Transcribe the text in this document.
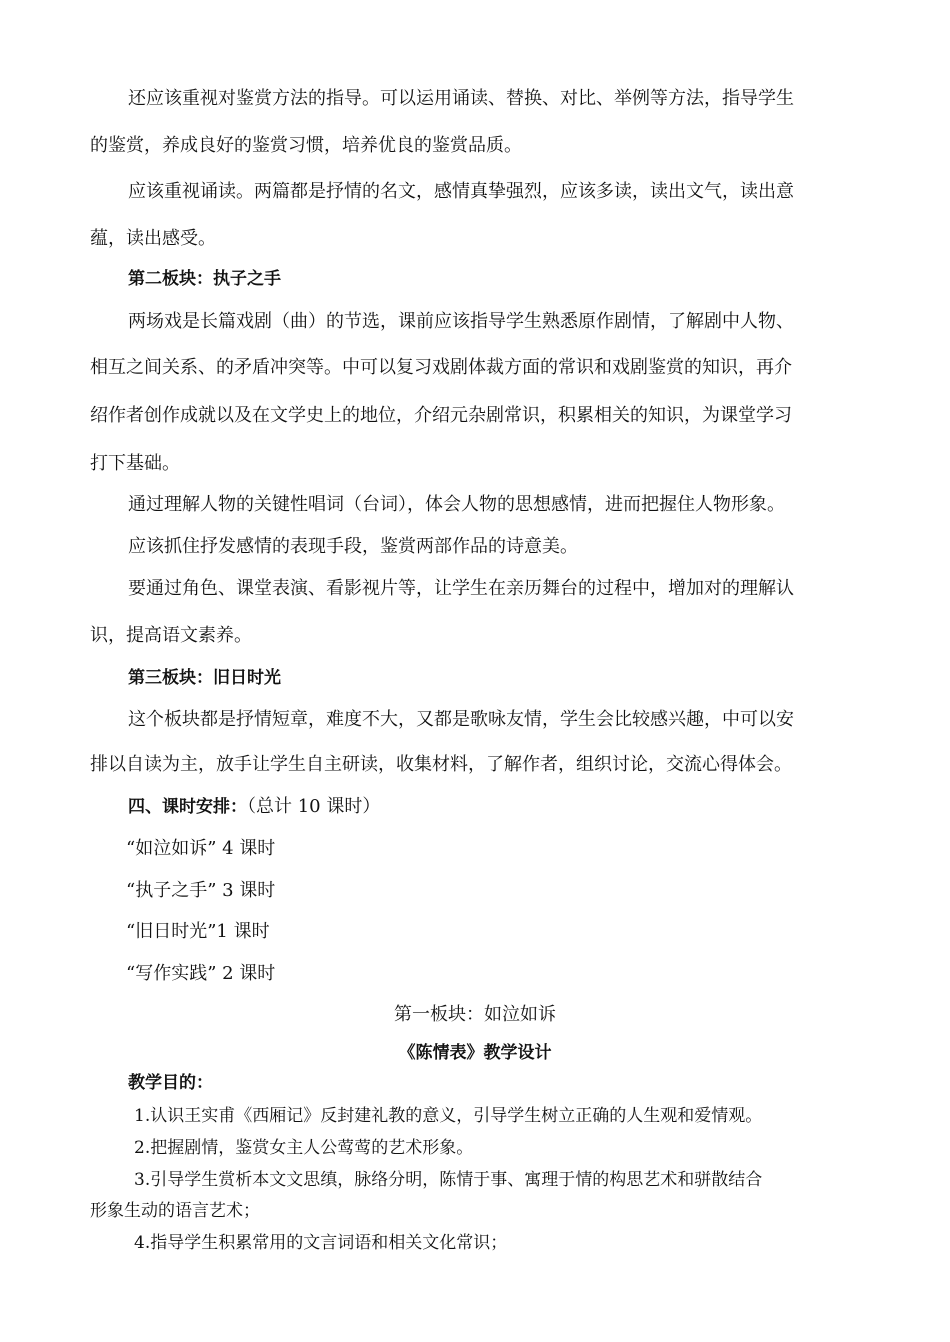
还应该重视对鉴赏方法的指导。可以运用诵读、替换、对比、举例等方法，指导学生
的鉴赏，养成良好的鉴赏习惯，培养优良的鉴赏品质。
应该重视诵读。两篇都是抒情的名文，感情真挚强烈，应该多读，读出文气，读出意
蕴，读出感受。
第二板块：执子之手
两场戏是长篇戏剧（曲）的节选，课前应该指导学生熟悉原作剧情，了解剧中人物、
相互之间关系、的矛盾冲突等。中可以复习戏剧体裁方面的常识和戏剧鉴赏的知识，再介
绍作者创作成就以及在文学史上的地位，介绍元杂剧常识，积累相关的知识，为课堂学习
打下基础。
通过理解人物的关键性唱词（台词），体会人物的思想感情，进而把握住人物形象。
应该抓住抒发感情的表现手段，鉴赏两部作品的诗意美。
要通过角色、课堂表演、看影视片等，让学生在亲历舞台的过程中，增加对的理解认
识，提高语文素养。
第三板块：旧日时光
这个板块都是抒情短章，难度不大，又都是歌咏友情，学生会比较感兴趣，中可以安
排以自读为主，放手让学生自主研读，收集材料，了解作者，组织讨论，交流心得体会。
四、课时安排：（总计 10 课时）
“如泣如诉” 4 课时
“执子之手” 3 课时
“旧日时光”1 课时
“写作实践” 2 课时
第一板块：如泣如诉
《陈情表》教学设计
教学目的：
1.认识王实甫《西厢记》反封建礼教的意义，引导学生树立正确的人生观和爱情观。
2.把握剧情，鉴赏女主人公莺莺的艺术形象。
3.引导学生赏析本文文思缜，脉络分明，陈情于事、寓理于情的构思艺术和骈散结合
形象生动的语言艺术；
4.指导学生积累常用的文言词语和相关文化常识；
